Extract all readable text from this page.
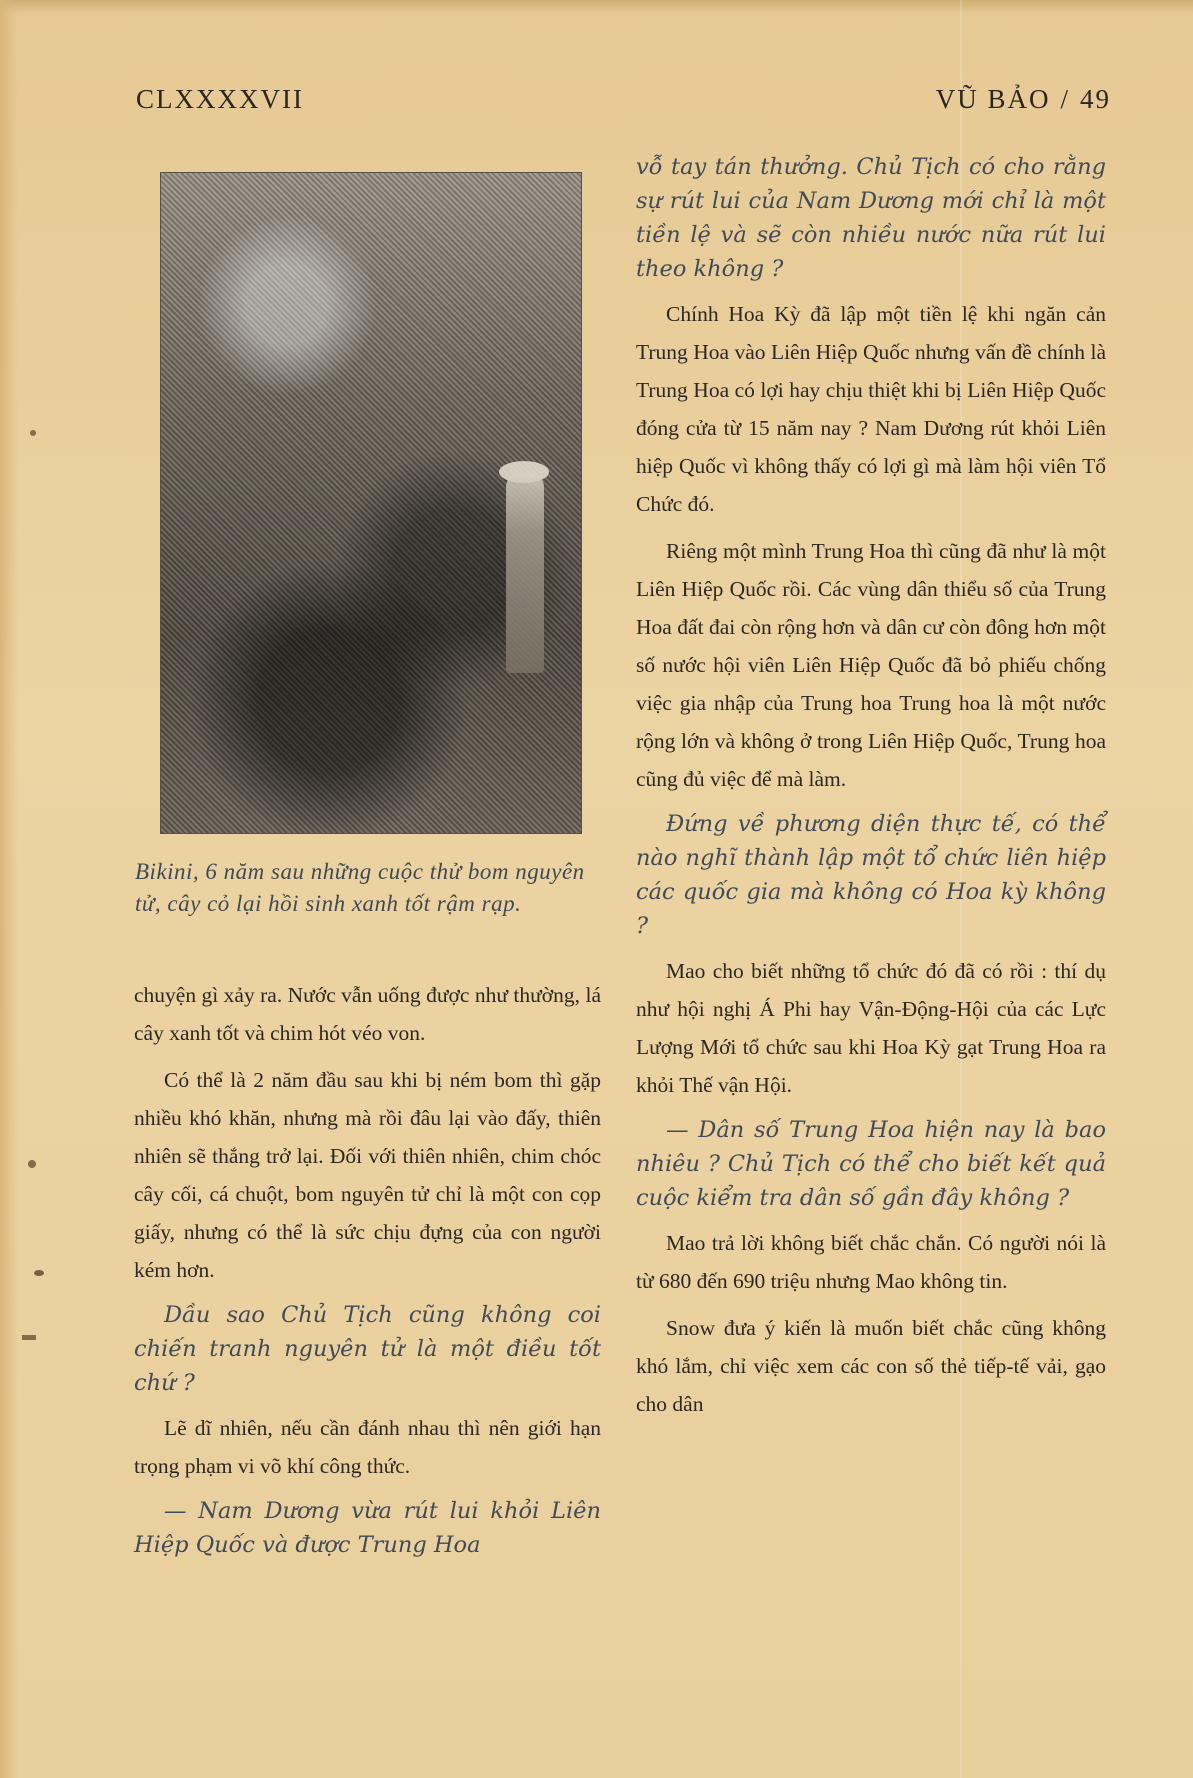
CLXXXXVII	VŨ BẢO / 49
Bikini, 6 năm sau những cuộc thử bom nguyên tử, cây cỏ lại hồi sinh xanh tốt rậm rạp.

chuyện gì xảy ra. Nước vẫn uống được như thường, lá cây xanh tốt và chim hót véo von.

Có thể là 2 năm đầu sau khi bị ném bom thì gặp nhiều khó khăn, nhưng mà rồi đâu lại vào đấy, thiên nhiên sẽ thắng trở lại. Đối với thiên nhiên, chim chóc cây cối, cá chuột, bom nguyên tử chỉ là một con cọp giấy, nhưng có thể là sức chịu đựng của con người kém hơn.

Dầu sao Chủ Tịch cũng không coi chiến tranh nguyên tử là một điều tốt chứ ?

Lẽ dĩ nhiên, nếu cần đánh nhau thì nên giới hạn trọng phạm vi võ khí công thức.

— Nam Dương vừa rút lui khỏi Liên Hiệp Quốc và được Trung Hoa

vỗ tay tán thưởng. Chủ Tịch có cho rằng sự rút lui của Nam Dương mới chỉ là một tiền lệ và sẽ còn nhiều nước nữa rút lui theo không ?

Chính Hoa Kỳ đã lập một tiền lệ khi ngăn cản Trung Hoa vào Liên Hiệp Quốc nhưng vấn đề chính là Trung Hoa có lợi hay chịu thiệt khi bị Liên Hiệp Quốc đóng cửa từ 15 năm nay ? Nam Dương rút khỏi Liên hiệp Quốc vì không thấy có lợi gì mà làm hội viên Tổ Chức đó.

Riêng một mình Trung Hoa thì cũng đã như là một Liên Hiệp Quốc rồi. Các vùng dân thiểu số của Trung Hoa đất đai còn rộng hơn và dân cư còn đông hơn một số nước hội viên Liên Hiệp Quốc đã bỏ phiếu chống việc gia nhập của Trung hoa Trung hoa là một nước rộng lớn và không ở trong Liên Hiệp Quốc, Trung hoa cũng đủ việc để mà làm.

Đứng về phương diện thực tế, có thể nào nghĩ thành lập một tổ chức liên hiệp các quốc gia mà không có Hoa kỳ không ?

Mao cho biết những tổ chức đó đã có rồi : thí dụ như hội nghị Á Phi hay Vận-Động-Hội của các Lực Lượng Mới tổ chức sau khi Hoa Kỳ gạt Trung Hoa ra khỏi Thế vận Hội.

— Dân số Trung Hoa hiện nay là bao nhiêu ? Chủ Tịch có thể cho biết kết quả cuộc kiểm tra dân số gần đây không ?

Mao trả lời không biết chắc chắn. Có người nói là từ 680 đến 690 triệu nhưng Mao không tin.

Snow đưa ý kiến là muốn biết chắc cũng không khó lắm, chỉ việc xem các con số thẻ tiếp-tế vải, gạo cho dân
